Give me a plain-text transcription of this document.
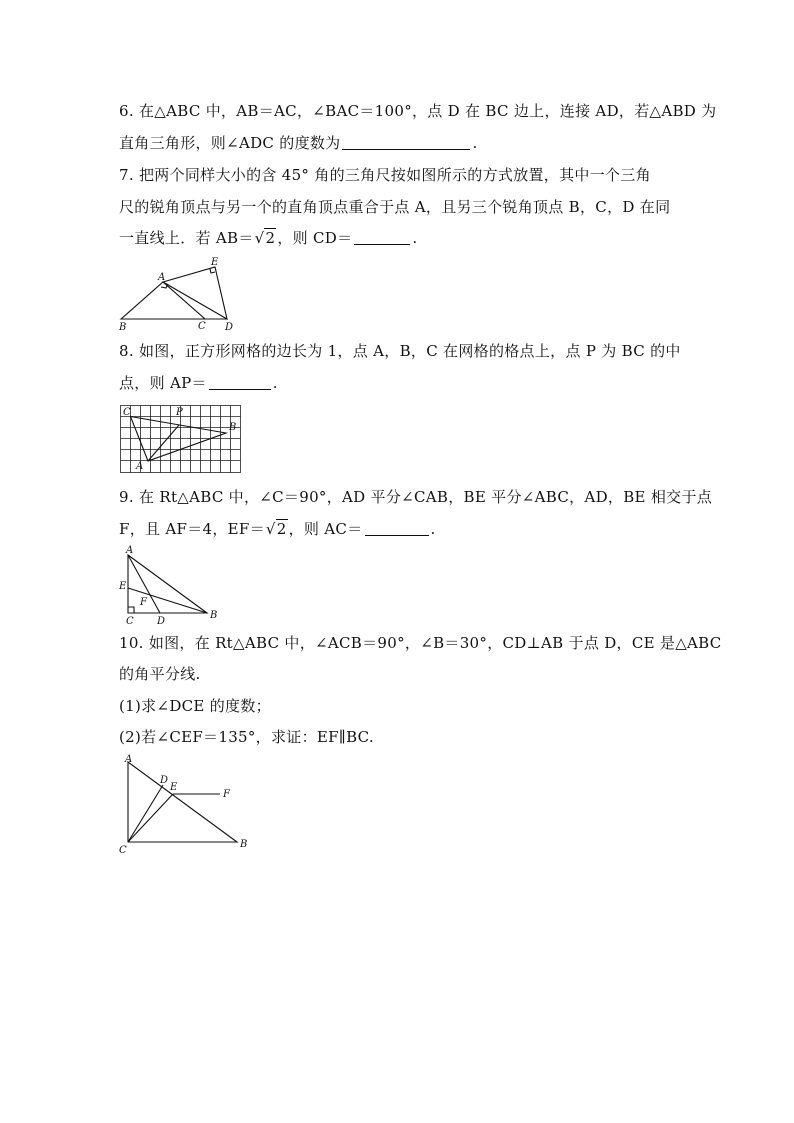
6. 在△ABC 中，AB＝AC，∠BAC＝100°，点 D 在 BC 边上，连接 AD，若△ABD 为
直角三角形，则∠ADC 的度数为	.
7. 把两个同样大小的含 45° 角的三角尺按如图所示的方式放置，其中一个三角
尺的锐角顶点与另一个的直角顶点重合于点 A，且另三个锐角顶点 B，C，D 在同
一直线上．若 AB＝√2 ，则 CD＝	.
A
E
B	C D
8. 如图，正方形网格的边长为 1，点 A，B，C 在网格的格点上，点 P 为 BC 的中
点，则 AP＝	.
C	P
B
A
9. 在 Rt△ABC 中，∠C＝90°，AD 平分∠CAB，BE 平分∠ABC，AD，BE 相交于点
F，且 AF＝4，EF＝√2 ，则 AC＝	.
A
E
F
C D
B
10. 如图，在 Rt△ABC 中，∠ACB＝90°，∠B＝30°，CD⊥AB 于点 D，CE 是△ABC
的角平分线.
(1)求∠DCE 的度数；
(2)若∠CEF＝135°，求证：EF∥BC.
A
D
E
F
C
B
